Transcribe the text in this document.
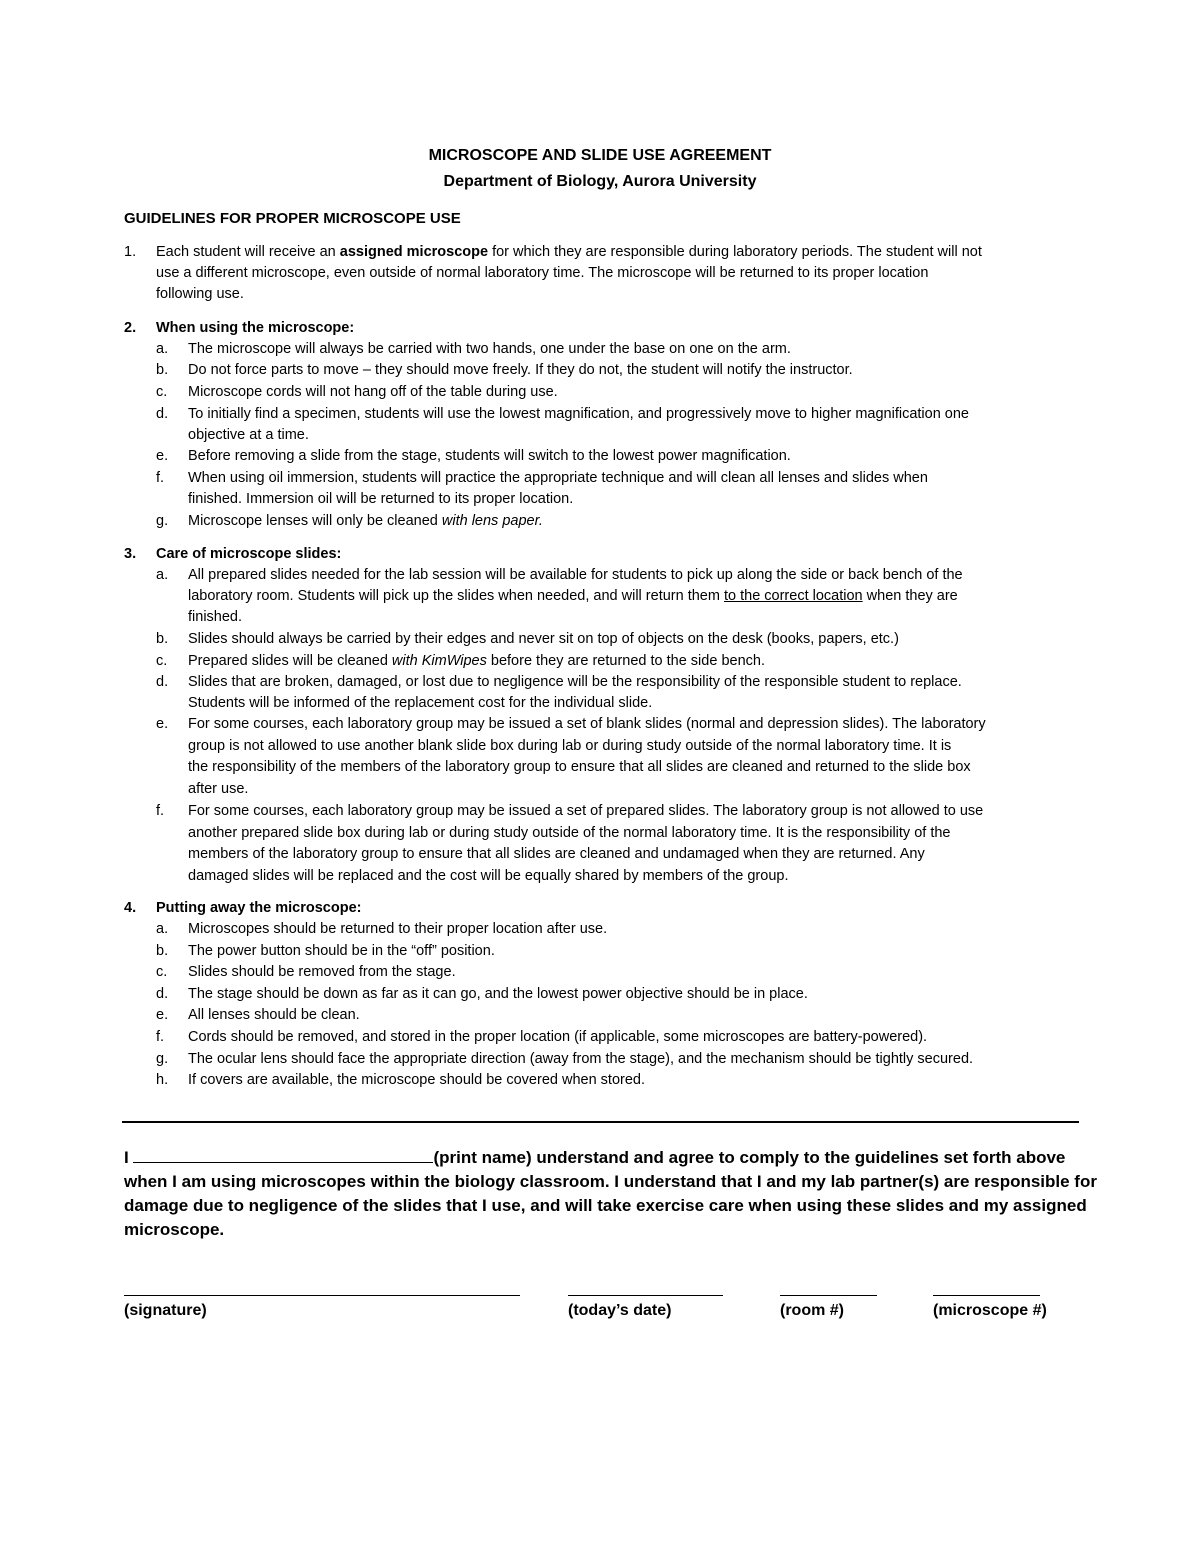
MICROSCOPE AND SLIDE USE AGREEMENT
Department of Biology, Aurora University
GUIDELINES FOR PROPER MICROSCOPE USE
1. Each student will receive an assigned microscope for which they are responsible during laboratory periods. The student will not
use a different microscope, even outside of normal laboratory time. The microscope will be returned to its proper location
following use.
2. When using the microscope:
a. The microscope will always be carried with two hands, one under the base on one on the arm.
b. Do not force parts to move – they should move freely. If they do not, the student will notify the instructor.
c. Microscope cords will not hang off of the table during use.
d. To initially find a specimen, students will use the lowest magnification, and progressively move to higher magnification one
objective at a time.
e. Before removing a slide from the stage, students will switch to the lowest power magnification.
f. When using oil immersion, students will practice the appropriate technique and will clean all lenses and slides when
finished. Immersion oil will be returned to its proper location.
g. Microscope lenses will only be cleaned with lens paper.
3. Care of microscope slides:
a. All prepared slides needed for the lab session will be available for students to pick up along the side or back bench of the
laboratory room. Students will pick up the slides when needed, and will return them to the correct location when they are
finished.
b. Slides should always be carried by their edges and never sit on top of objects on the desk (books, papers, etc.)
c. Prepared slides will be cleaned with KimWipes before they are returned to the side bench.
d. Slides that are broken, damaged, or lost due to negligence will be the responsibility of the responsible student to replace.
Students will be informed of the replacement cost for the individual slide.
e. For some courses, each laboratory group may be issued a set of blank slides (normal and depression slides). The laboratory
group is not allowed to use another blank slide box during lab or during study outside of the normal laboratory time. It is
the responsibility of the members of the laboratory group to ensure that all slides are cleaned and returned to the slide box
after use.
f. For some courses, each laboratory group may be issued a set of prepared slides. The laboratory group is not allowed to use
another prepared slide box during lab or during study outside of the normal laboratory time. It is the responsibility of the
members of the laboratory group to ensure that all slides are cleaned and undamaged when they are returned. Any
damaged slides will be replaced and the cost will be equally shared by members of the group.
4. Putting away the microscope:
a. Microscopes should be returned to their proper location after use.
b. The power button should be in the “off” position.
c. Slides should be removed from the stage.
d. The stage should be down as far as it can go, and the lowest power objective should be in place.
e. All lenses should be clean.
f. Cords should be removed, and stored in the proper location (if applicable, some microscopes are battery-powered).
g. The ocular lens should face the appropriate direction (away from the stage), and the mechanism should be tightly secured.
h. If covers are available, the microscope should be covered when stored.
I	(print name) understand and agree to comply to the guidelines set forth above
when I am using microscopes within the biology classroom. I understand that I and my lab partner(s) are responsible for
damage due to negligence of the slides that I use, and will take exercise care when using these slides and my assigned
microscope.
(signature)	(today’s date)	(room #)	(microscope #)
